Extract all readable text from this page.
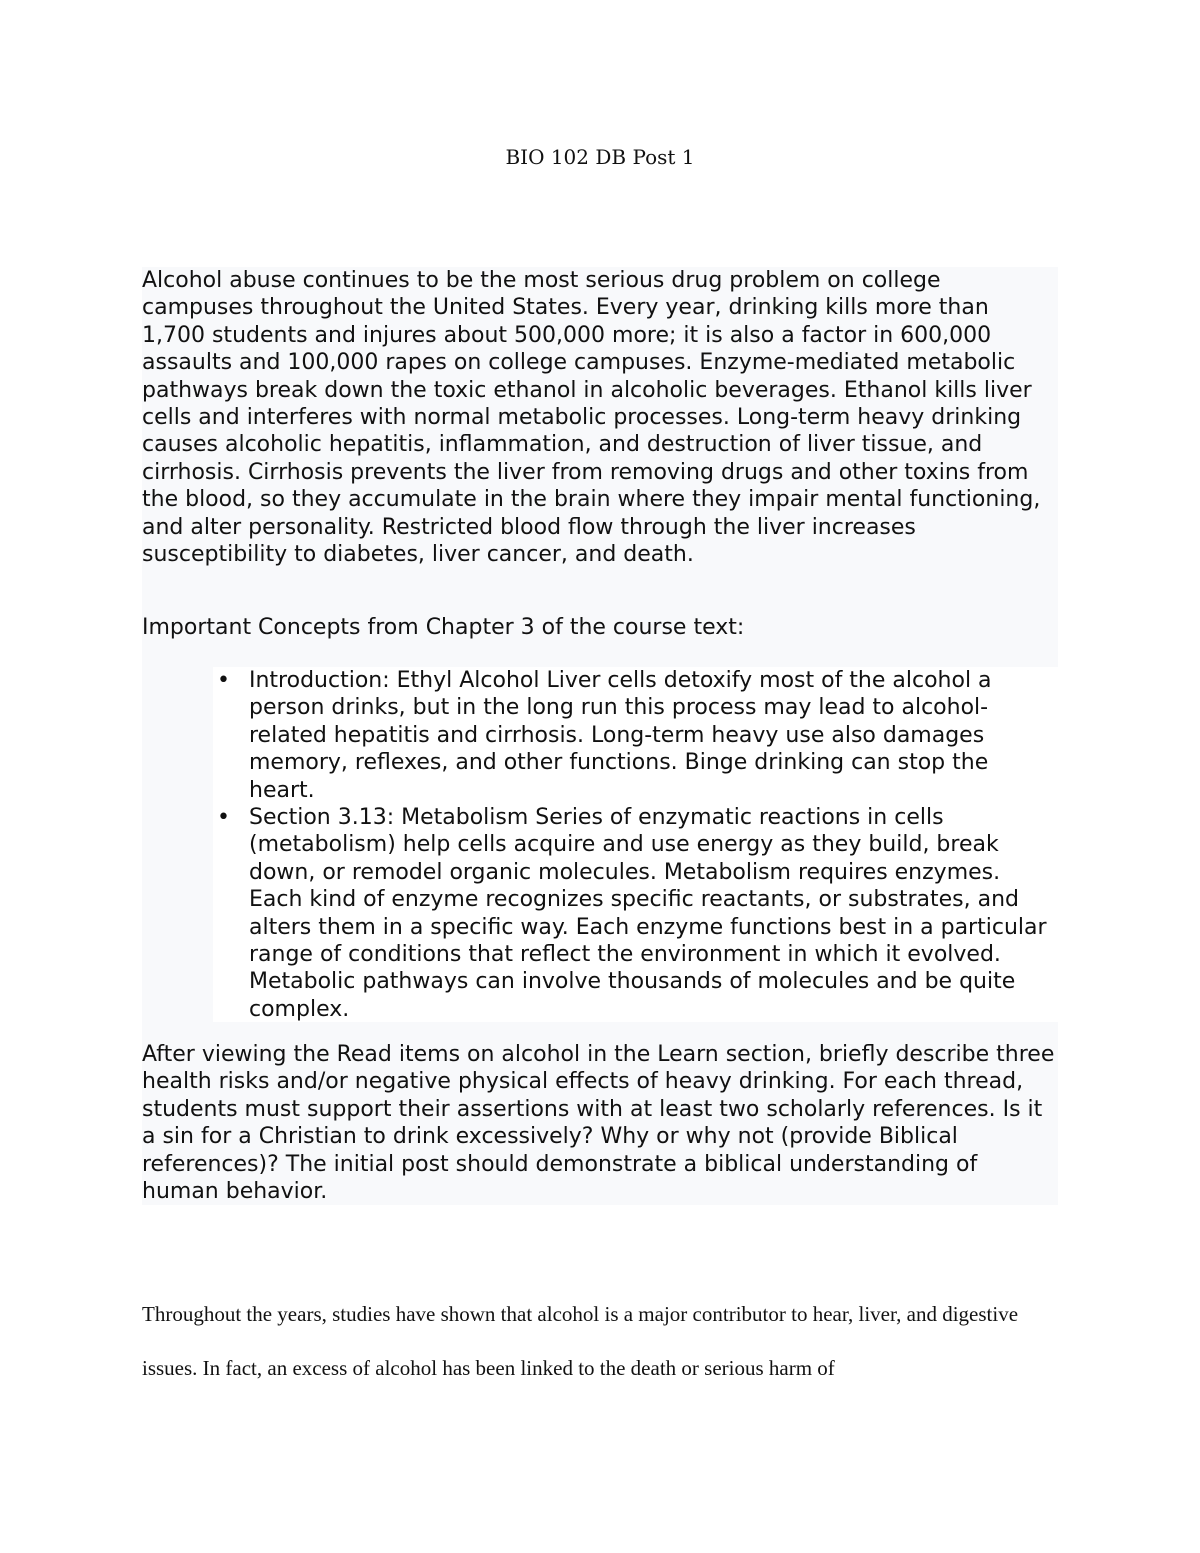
BIO 102 DB Post 1

Alcohol abuse continues to be the most serious drug problem on college campuses throughout the United States. Every year, drinking kills more than 1,700 students and injures about 500,000 more; it is also a factor in 600,000 assaults and 100,000 rapes on college campuses. Enzyme-mediated metabolic pathways break down the toxic ethanol in alcoholic beverages. Ethanol kills liver cells and interferes with normal metabolic processes. Long-term heavy drinking causes alcoholic hepatitis, inflammation, and destruction of liver tissue, and cirrhosis. Cirrhosis prevents the liver from removing drugs and other toxins from the blood, so they accumulate in the brain where they impair mental functioning, and alter personality. Restricted blood flow through the liver increases susceptibility to diabetes, liver cancer, and death.

Important Concepts from Chapter 3 of the course text:

• Introduction: Ethyl Alcohol Liver cells detoxify most of the alcohol a person drinks, but in the long run this process may lead to alcohol-related hepatitis and cirrhosis. Long-term heavy use also damages memory, reflexes, and other functions. Binge drinking can stop the heart.
• Section 3.13: Metabolism Series of enzymatic reactions in cells (metabolism) help cells acquire and use energy as they build, break down, or remodel organic molecules. Metabolism requires enzymes. Each kind of enzyme recognizes specific reactants, or substrates, and alters them in a specific way. Each enzyme functions best in a particular range of conditions that reflect the environment in which it evolved. Metabolic pathways can involve thousands of molecules and be quite complex.

After viewing the Read items on alcohol in the Learn section, briefly describe three health risks and/or negative physical effects of heavy drinking. For each thread, students must support their assertions with at least two scholarly references. Is it a sin for a Christian to drink excessively? Why or why not (provide Biblical references)? The initial post should demonstrate a biblical understanding of human behavior.

Throughout the years, studies have shown that alcohol is a major contributor to hear, liver, and digestive issues. In fact, an excess of alcohol has been linked to the death or serious harm of
